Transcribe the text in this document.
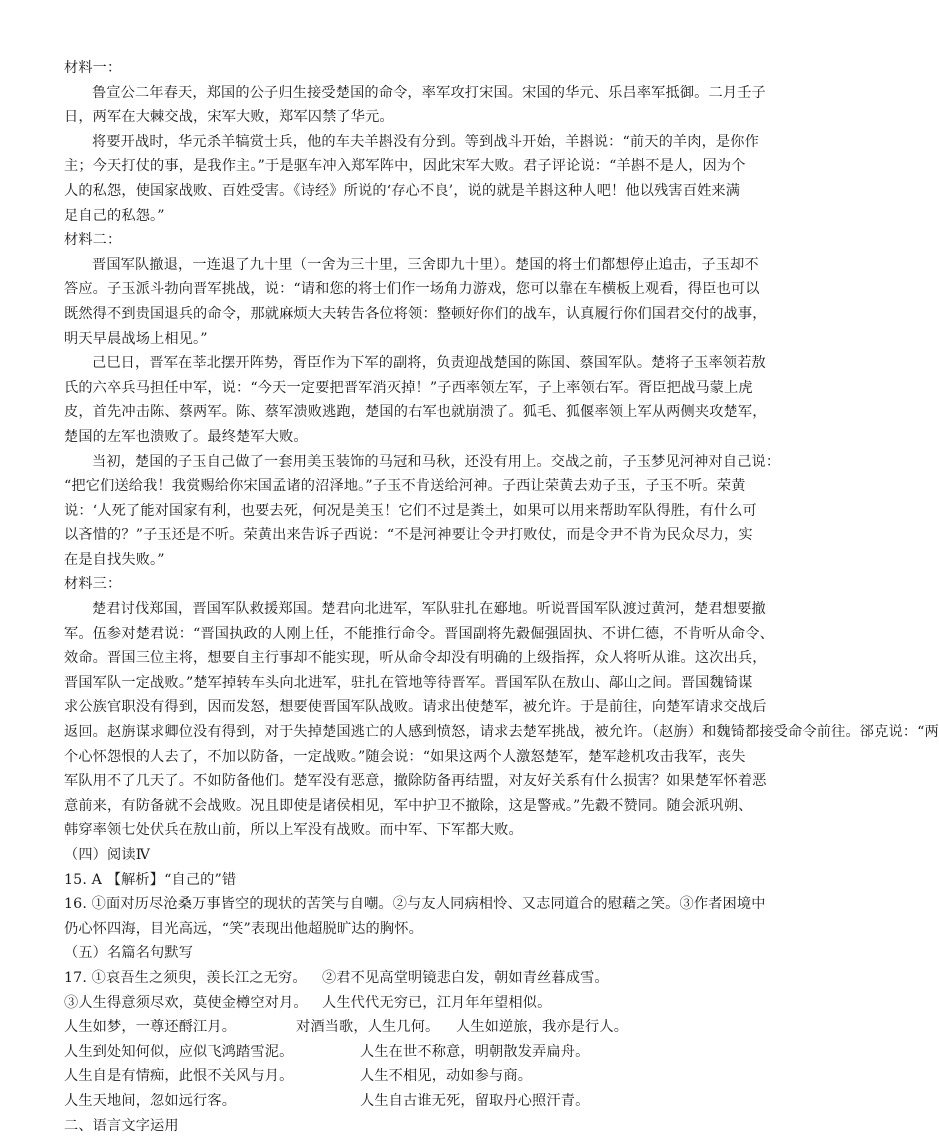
材料一：
鲁宣公二年春天，郑国的公子归生接受楚国的命令，率军攻打宋国。宋国的华元、乐吕率军抵御。二月壬子
日，两军在大棘交战，宋军大败，郑军囚禁了华元。
将要开战时，华元杀羊犒赏士兵，他的车夫羊斟没有分到。等到战斗开始，羊斟说：“前天的羊肉，是你作
主；今天打仗的事，是我作主。”于是驱车冲入郑军阵中，因此宋军大败。君子评论说：“羊斟不是人，因为个
人的私怨，使国家战败、百姓受害。《诗经》所说的‘存心不良’，说的就是羊斟这种人吧！他以残害百姓来满
足自己的私怨。”
材料二：
晋国军队撤退，一连退了九十里（一舍为三十里，三舍即九十里）。楚国的将士们都想停止追击，子玉却不
答应。子玉派斗勃向晋军挑战，说：“请和您的将士们作一场角力游戏，您可以靠在车横板上观看，得臣也可以
既然得不到贵国退兵的命令，那就麻烦大夫转告各位将领：整顿好你们的战车，认真履行你们国君交付的战事，
明天早晨战场上相见。”
己巳日，晋军在莘北摆开阵势，胥臣作为下军的副将，负责迎战楚国的陈国、蔡国军队。楚将子玉率领若敖
氏的六卒兵马担任中军，说：“今天一定要把晋军消灭掉！”子西率领左军，子上率领右军。胥臣把战马蒙上虎
皮，首先冲击陈、蔡两军。陈、蔡军溃败逃跑，楚国的右军也就崩溃了。狐毛、狐偃率领上军从两侧夹攻楚军，
楚国的左军也溃败了。最终楚军大败。
当初，楚国的子玉自己做了一套用美玉装饰的马冠和马秋，还没有用上。交战之前，子玉梦见河神对自己说：
“把它们送给我！我赏赐给你宋国孟诸的沼泽地。”子玉不肯送给河神。子西让荣黄去劝子玉，子玉不听。荣黄
说：‘人死了能对国家有利，也要去死，何况是美玉！它们不过是粪土，如果可以用来帮助军队得胜，有什么可
以吝惜的？”子玉还是不听。荣黄出来告诉子西说：“不是河神要让令尹打败仗，而是令尹不肯为民众尽力，实
在是自找失败。”
材料三：
楚君讨伐郑国，晋国军队救援郑国。楚君向北进军，军队驻扎在郔地。听说晋国军队渡过黄河，楚君想要撤
军。伍参对楚君说：“晋国执政的人刚上任，不能推行命令。晋国副将先縠倔强固执、不讲仁德，不肯听从命令、
效命。晋国三位主将，想要自主行事却不能实现，听从命令却没有明确的上级指挥，众人将听从谁。这次出兵，
晋国军队一定战败。”楚军掉转车头向北进军，驻扎在管地等待晋军。晋国军队在敖山、鄗山之间。晋国魏锜谋
求公族官职没有得到，因而发怒，想要使晋国军队战败。请求出使楚军，被允许。于是前往，向楚军请求交战后
返回。赵旃谋求卿位没有得到，对于失掉楚国逃亡的人感到愤怒，请求去楚军挑战，被允许。（赵旃）和魏锜都接受命令前往。郤克说：“两
个心怀怨恨的人去了，不加以防备，一定战败。”随会说：“如果这两个人激怒楚军，楚军趁机攻击我军，丧失
军队用不了几天了。不如防备他们。楚军没有恶意，撤除防备再结盟，对友好关系有什么损害？如果楚军怀着恶
意前来，有防备就不会战败。况且即使是诸侯相见，军中护卫不撤除，这是警戒。”先縠不赞同。随会派巩朔、
韩穿率领七处伏兵在敖山前，所以上军没有战败。而中军、下军都大败。
（四）阅读Ⅳ
15. A 【解析】“自己的”错
16. ①面对历尽沧桑万事皆空的现状的苦笑与自嘲。②与友人同病相怜、又志同道合的慰藉之笑。③作者困境中
仍心怀四海，目光高远，“笑”表现出他超脱旷达的胸怀。
（五）名篇名句默写
17. ①哀吾生之须臾，羡长江之无穷。	②君不见高堂明镜悲白发，朝如青丝暮成雪。
③人生得意须尽欢，莫使金樽空对月。	人生代代无穷已，江月年年望相似。
人生如梦，一尊还酹江月。	对酒当歌，人生几何。	人生如逆旅，我亦是行人。
人生到处知何似，应似飞鸿踏雪泥。	人生在世不称意，明朝散发弄扁舟。
人生自是有情痴，此恨不关风与月。	人生不相见，动如参与商。
人生天地间，忽如远行客。	人生自古谁无死，留取丹心照汗青。
二、语言文字运用
